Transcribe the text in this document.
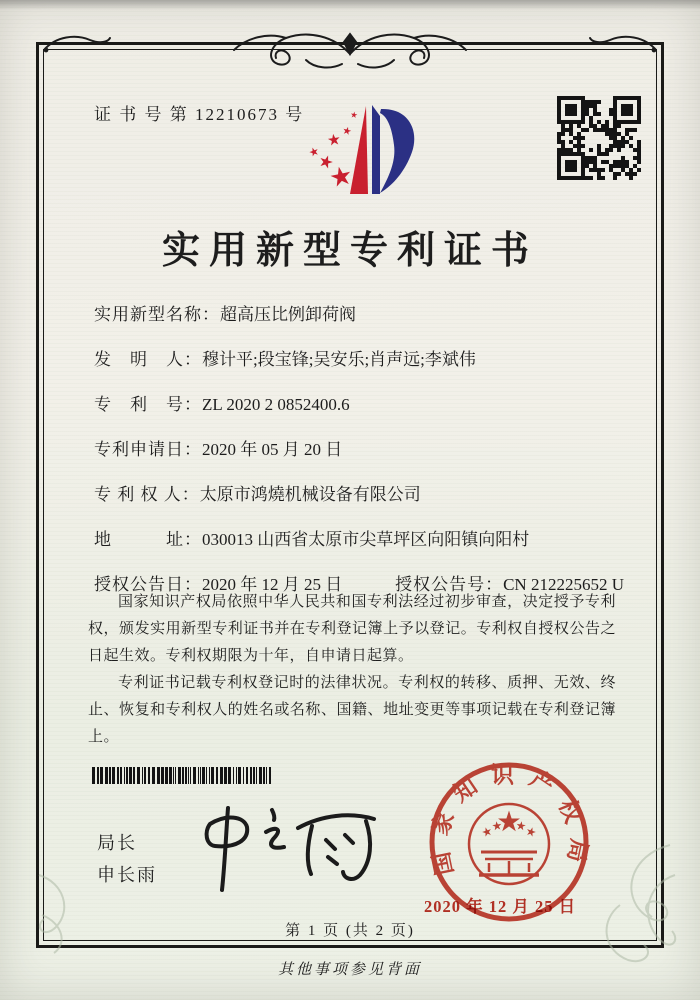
证 书 号 第 12210673 号
实用新型专利证书
实用新型名称：超高压比例卸荷阀
发　明　人：穆计平;段宝锋;吴安乐;肖声远;李斌伟
专　利　号：ZL 2020 2 0852400.6
专利申请日：2020 年 05 月 20 日
专 利 权 人：太原市鸿燒机械设备有限公司
地　　　址：030013 山西省太原市尖草坪区向阳镇向阳村
授权公告日：2020 年 12 月 25 日	授权公告号：CN 212225652 U

国家知识产权局依照中华人民共和国专利法经过初步审查，决定授予专利权，颁发实用新型专利证书并在专利登记簿上予以登记。专利权自授权公告之日起生效。专利权期限为十年，自申请日起算。

专利证书记载专利权登记时的法律状况。专利权的转移、质押、无效、终止、恢复和专利权人的姓名或名称、国籍、地址变更等事项记载在专利登记簿上。

局长
申长雨	国家知识产权局
2020 年 12 月 25 日
第 1 页 (共 2 页)
其他事项参见背面
